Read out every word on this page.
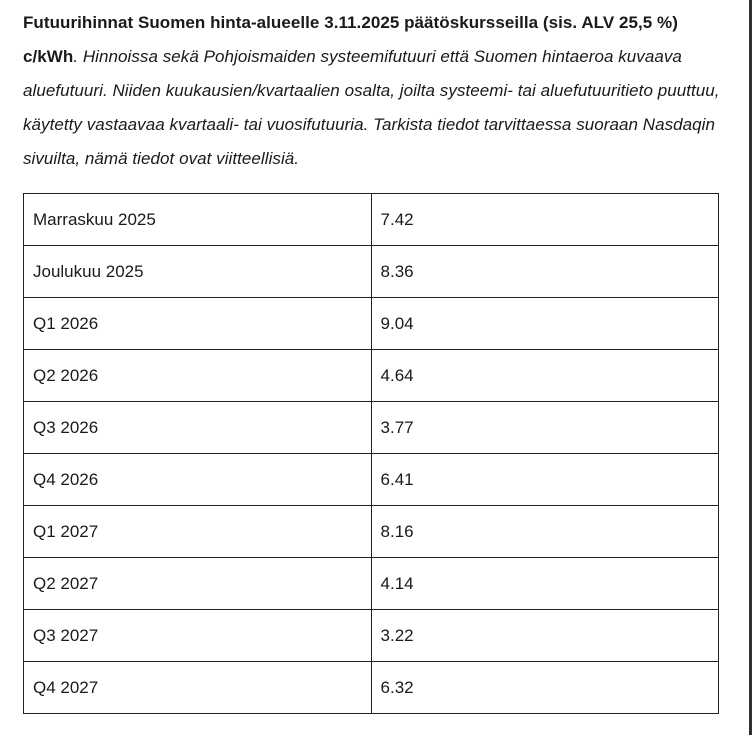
Futuurihinnat Suomen hinta-alueelle 3.11.2025 päätöskursseilla (sis. ALV 25,5 %) c/kWh. Hinnoissa sekä Pohjoismaiden systeemifutuuri että Suomen hintaeroa kuvaava aluefutuuri. Niiden kuukausien/kvartaalien osalta, joilta systeemi- tai aluefutuuritieto puuttuu, käytetty vastaavaa kvartaali- tai vuosifutuuria. Tarkista tiedot tarvittaessa suoraan Nasdaqin sivuilta, nämä tiedot ovat viitteellisiä.

Marraskuu 2025	7.42
Joulukuu 2025	8.36
Q1 2026	9.04
Q2 2026	4.64
Q3 2026	3.77
Q4 2026	6.41
Q1 2027	8.16
Q2 2027	4.14
Q3 2027	3.22
Q4 2027	6.32
